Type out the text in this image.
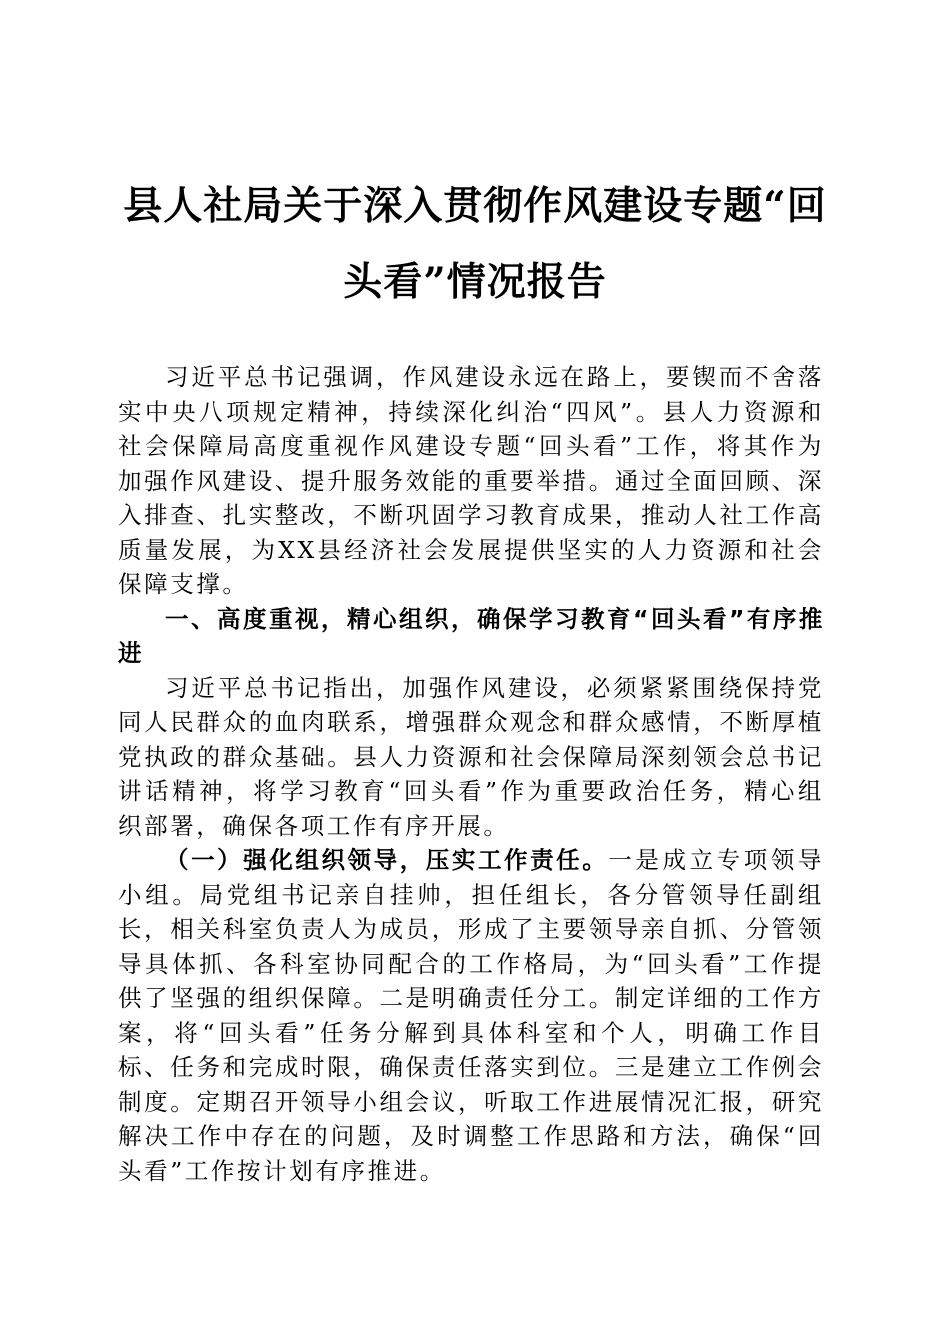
县人社局关于深入贯彻作风建设专题“回头看”情况报告

习近平总书记强调，作风建设永远在路上，要锲而不舍落实中央八项规定精神，持续深化纠治“四风”。县人力资源和社会保障局高度重视作风建设专题“回头看”工作，将其作为加强作风建设、提升服务效能的重要举措。通过全面回顾、深入排查、扎实整改，不断巩固学习教育成果，推动人社工作高质量发展，为XX县经济社会发展提供坚实的人力资源和社会保障支撑。

一、高度重视，精心组织，确保学习教育“回头看”有序推进

习近平总书记指出，加强作风建设，必须紧紧围绕保持党同人民群众的血肉联系，增强群众观念和群众感情，不断厚植党执政的群众基础。县人力资源和社会保障局深刻领会总书记讲话精神，将学习教育“回头看”作为重要政治任务，精心组织部署，确保各项工作有序开展。

（一）强化组织领导，压实工作责任。一是成立专项领导小组。局党组书记亲自挂帅，担任组长，各分管领导任副组长，相关科室负责人为成员，形成了主要领导亲自抓、分管领导具体抓、各科室协同配合的工作格局，为“回头看”工作提供了坚强的组织保障。二是明确责任分工。制定详细的工作方案，将“回头看”任务分解到具体科室和个人，明确工作目标、任务和完成时限，确保责任落实到位。三是建立工作例会制度。定期召开领导小组会议，听取工作进展情况汇报，研究解决工作中存在的问题，及时调整工作思路和方法，确保“回头看”工作按计划有序推进。
